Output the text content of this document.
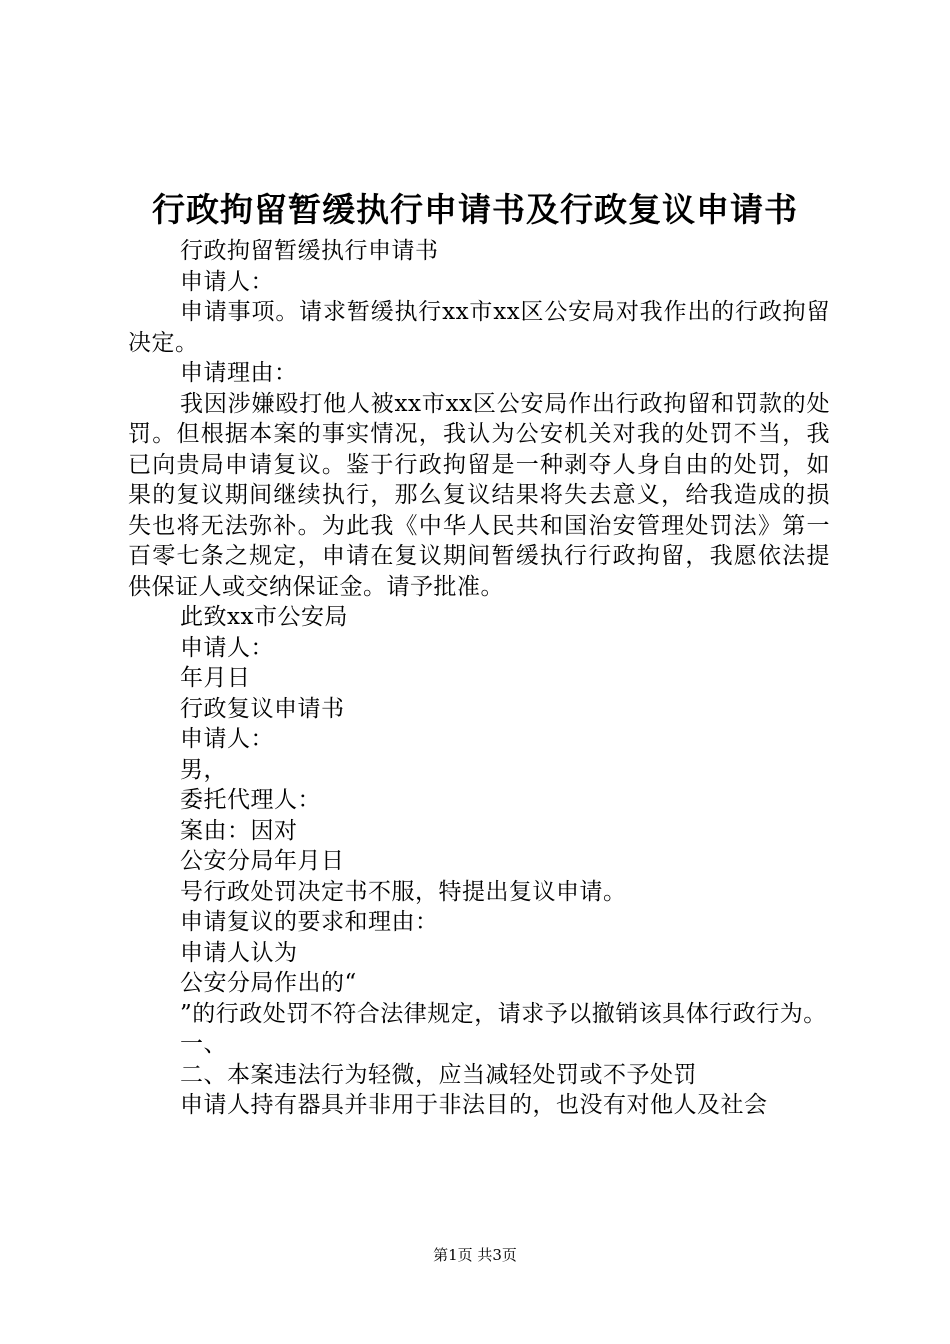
行政拘留暂缓执行申请书及行政复议申请书

行政拘留暂缓执行申请书

申请人：

申请事项。请求暂缓执行xx市xx区公安局对我作出的行政拘留决定。

申请理由：

我因涉嫌殴打他人被xx市xx区公安局作出行政拘留和罚款的处罚。但根据本案的事实情况，我认为公安机关对我的处罚不当，我已向贵局申请复议。鉴于行政拘留是一种剥夺人身自由的处罚，如果的复议期间继续执行，那么复议结果将失去意义，给我造成的损失也将无法弥补。为此我《中华人民共和国治安管理处罚法》第一百零七条之规定，申请在复议期间暂缓执行行政拘留，我愿依法提供保证人或交纳保证金。请予批准。

此致xx市公安局

申请人：

年月日

行政复议申请书

申请人：

男，

委托代理人：

案由：因对

公安分局年月日

号行政处罚决定书不服，特提出复议申请。

申请复议的要求和理由：

申请人认为

公安分局作出的“

”的行政处罚不符合法律规定，请求予以撤销该具体行政行为。

一、

二、本案违法行为轻微，应当减轻处罚或不予处罚

申请人持有器具并非用于非法目的，也没有对他人及社会

第1页 共3页
